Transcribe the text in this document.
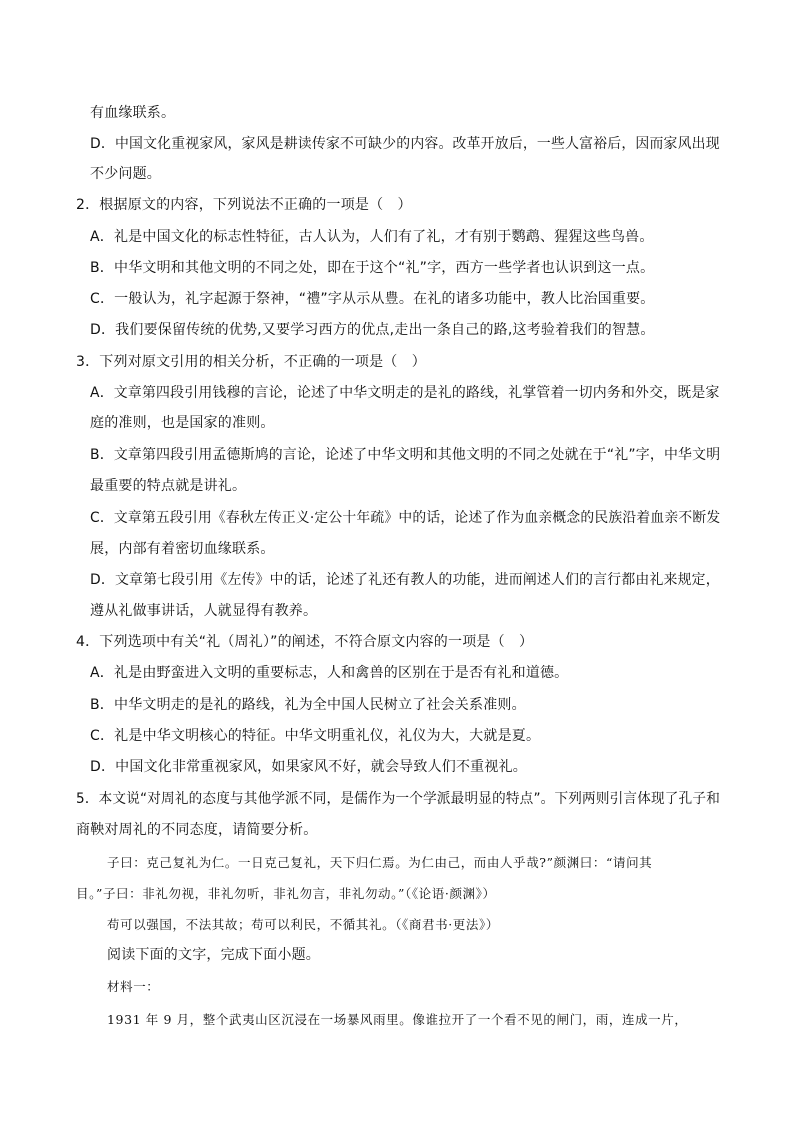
有血缘联系。
D．中国文化重视家风，家风是耕读传家不可缺少的内容。改革开放后，一些人富裕后，因而家风出现
不少问题。
2．根据原文的内容，下列说法不正确的一项是（　）
A．礼是中国文化的标志性特征，古人认为，人们有了礼，才有别于鹦鹉、猩猩这些鸟兽。
B．中华文明和其他文明的不同之处，即在于这个“礼”字，西方一些学者也认识到这一点。
C．一般认为，礼字起源于祭神，“禮”字从示从豊。在礼的诸多功能中，教人比治国重要。
D．我们要保留传统的优势,又要学习西方的优点,走出一条自己的路,这考验着我们的智慧。
3．下列对原文引用的相关分析，不正确的一项是（　）
A．文章第四段引用钱穆的言论，论述了中华文明走的是礼的路线，礼掌管着一切内务和外交，既是家
庭的准则，也是国家的准则。
B．文章第四段引用孟德斯鸠的言论，论述了中华文明和其他文明的不同之处就在于“礼”字，中华文明
最重要的特点就是讲礼。
C．文章第五段引用《春秋左传正义·定公十年疏》中的话，论述了作为血亲概念的民族沿着血亲不断发
展，内部有着密切血缘联系。
D．文章第七段引用《左传》中的话，论述了礼还有教人的功能，进而阐述人们的言行都由礼来规定，
遵从礼做事讲话，人就显得有教养。
4．下列选项中有关“礼（周礼）”的阐述，不符合原文内容的一项是（　）
A．礼是由野蛮进入文明的重要标志，人和禽兽的区别在于是否有礼和道德。
B．中华文明走的是礼的路线，礼为全中国人民树立了社会关系准则。
C．礼是中华文明核心的特征。中华文明重礼仪，礼仪为大，大就是夏。
D．中国文化非常重视家风，如果家风不好，就会导致人们不重视礼。
5．本文说“对周礼的态度与其他学派不同，是儒作为一个学派最明显的特点”。下列两则引言体现了孔子和
商鞅对周礼的不同态度，请简要分析。
子曰：克己复礼为仁。一日克己复礼，天下归仁焉。为仁由己，而由人乎哉?”颜渊曰：“请问其
目。”子曰：非礼勿视，非礼勿听，非礼勿言，非礼勿动。”（《论语·颜渊》）
苟可以强国，不法其故；苟可以利民，不循其礼。（《商君书·更法》）
阅读下面的文字，完成下面小题。
材料一：
1931 年 9 月，整个武夷山区沉浸在一场暴风雨里。像谁拉开了一个看不见的闸门，雨，连成一片，
